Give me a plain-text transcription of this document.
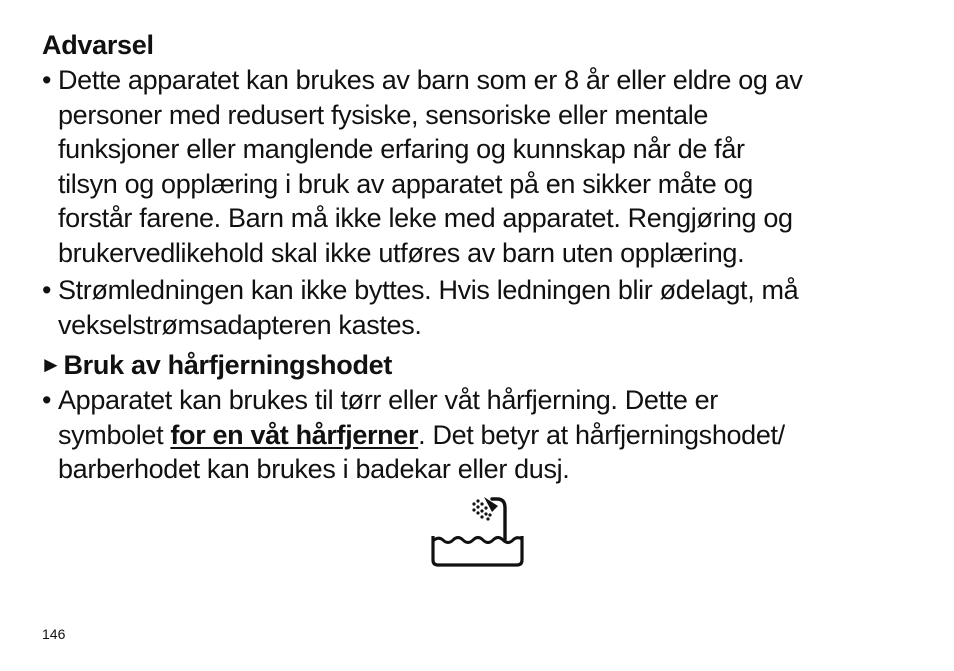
Advarsel
• Dette apparatet kan brukes av barn som er 8 år eller eldre og av
personer med redusert fysiske, sensoriske eller mentale
funksjoner eller manglende erfaring og kunnskap når de får
tilsyn og opplæring i bruk av apparatet på en sikker måte og
forstår farene. Barn må ikke leke med apparatet. Rengjøring og
brukervedlikehold skal ikke utføres av barn uten opplæring.
• Strømledningen kan ikke byttes. Hvis ledningen blir ødelagt, må
vekselstrømsadapteren kastes.
►Bruk av hårfjerningshodet
• Apparatet kan brukes til tørr eller våt hårfjerning. Dette er
symbolet for en våt hårfjerner. Det betyr at hårfjerningshodet/
barberhodet kan brukes i badekar eller dusj.
146
